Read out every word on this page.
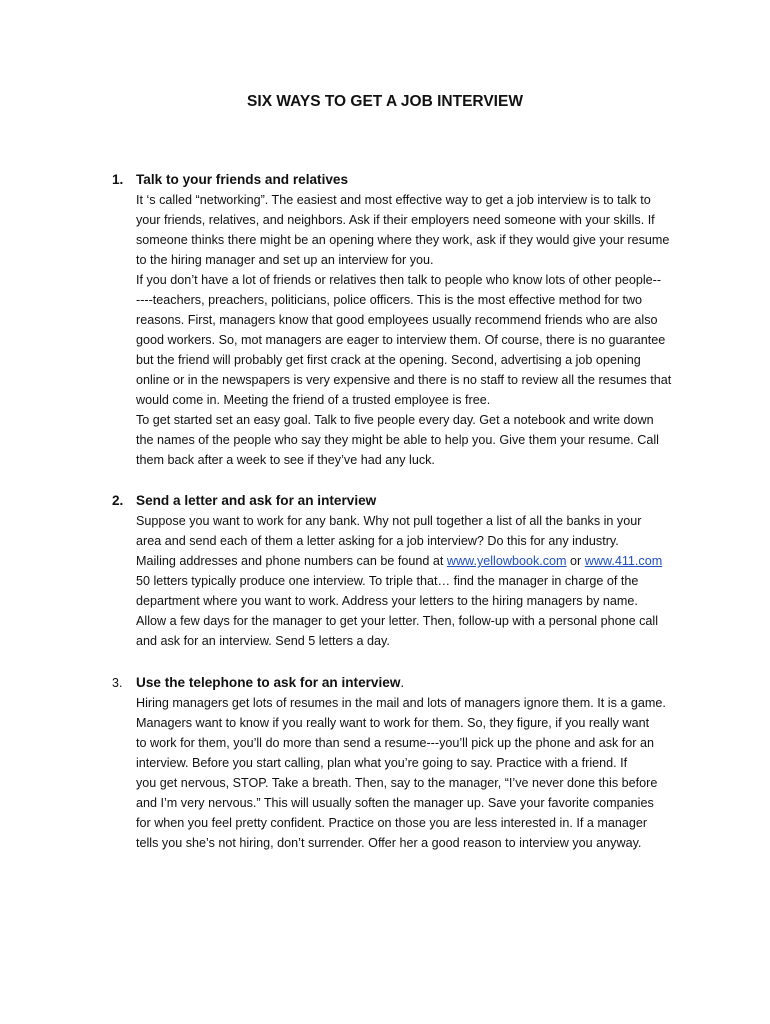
SIX WAYS TO GET A JOB INTERVIEW
1. Talk to your friends and relatives
It ‘s called “networking”. The easiest and most effective way to get a job interview is to talk to
your friends, relatives, and neighbors. Ask if their employers need someone with your skills. If
someone thinks there might be an opening where they work, ask if they would give your resume
to the hiring manager and set up an interview for you.
If you don’t have a lot of friends or relatives then talk to people who know lots of other people--
----teachers, preachers, politicians, police officers. This is the most effective method for two
reasons. First, managers know that good employees usually recommend friends who are also
good workers. So, mot managers are eager to interview them. Of course, there is no guarantee
but the friend will probably get first crack at the opening. Second, advertising a job opening
online or in the newspapers is very expensive and there is no staff to review all the resumes that
would come in. Meeting the friend of a trusted employee is free.
To get started set an easy goal. Talk to five people every day. Get a notebook and write down
the names of the people who say they might be able to help you. Give them your resume. Call
them back after a week to see if they’ve had any luck.
2. Send a letter and ask for an interview
Suppose you want to work for any bank. Why not pull together a list of all the banks in your
area and send each of them a letter asking for a job interview? Do this for any industry.
Mailing addresses and phone numbers can be found at www.yellowbook.com or www.411.com
50 letters typically produce one interview. To triple that… find the manager in charge of the
department where you want to work. Address your letters to the hiring managers by name.
Allow a few days for the manager to get your letter. Then, follow-up with a personal phone call
and ask for an interview. Send 5 letters a day.
3. Use the telephone to ask for an interview.
Hiring managers get lots of resumes in the mail and lots of managers ignore them. It is a game.
Managers want to know if you really want to work for them. So, they figure, if you really want
to work for them, you’ll do more than send a resume---you’ll pick up the phone and ask for an
interview. Before you start calling, plan what you’re going to say. Practice with a friend. If
you get nervous, STOP. Take a breath. Then, say to the manager, “I’ve never done this before
and I’m very nervous.” This will usually soften the manager up. Save your favorite companies
for when you feel pretty confident. Practice on those you are less interested in. If a manager
tells you she’s not hiring, don’t surrender. Offer her a good reason to interview you anyway.
